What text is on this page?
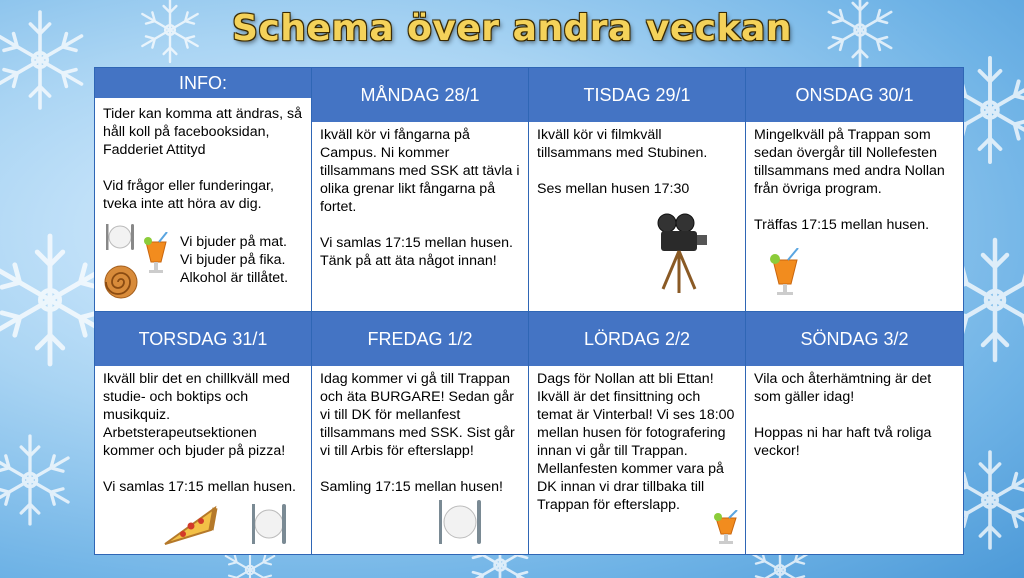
Schema över andra veckan
INFO:

Tider kan komma att ändras, så håll koll på facebooksidan, Fadderiet Attityd

Vid frågor eller funderingar, tveka inte att höra av dig.

Vi bjuder på mat.
Vi bjuder på fika.
Alkohol är tillåtet.
MÅNDAG 28/1

Ikväll kör vi fångarna på Campus. Ni kommer tillsammans med SSK att tävla i olika grenar likt fångarna på fortet.

Vi samlas 17:15 mellan husen. Tänk på att äta något innan!

TISDAG 29/1

Ikväll kör vi filmkväll tillsammans med Stubinen.

Ses mellan husen 17:30

ONSDAG 30/1

Mingelkväll på Trappan som sedan övergår till Nollefesten tillsammans med andra Nollan från övriga program.

Träffas 17:15 mellan husen.

TORSDAG 31/1

Ikväll blir det en chillkväll med studie- och boktips och musikquiz. Arbetsterapeutsektionen kommer och bjuder på pizza!

Vi samlas 17:15 mellan husen.

FREDAG 1/2

Idag kommer vi gå till Trappan och äta BURGARE! Sedan går vi till DK för mellanfest tillsammans med SSK. Sist går vi till Arbis för efterslapp!

Samling 17:15 mellan husen!

LÖRDAG 2/2

Dags för Nollan att bli Ettan! Ikväll är det finsittning och temat är Vinterbal! Vi ses 18:00 mellan husen för fotografering innan vi går till Trappan. Mellanfesten kommer vara på DK innan vi drar tillbaka till Trappan för efterslapp.

SÖNDAG 3/2

Vila och återhämtning är det som gäller idag!

Hoppas ni har haft två roliga veckor!
